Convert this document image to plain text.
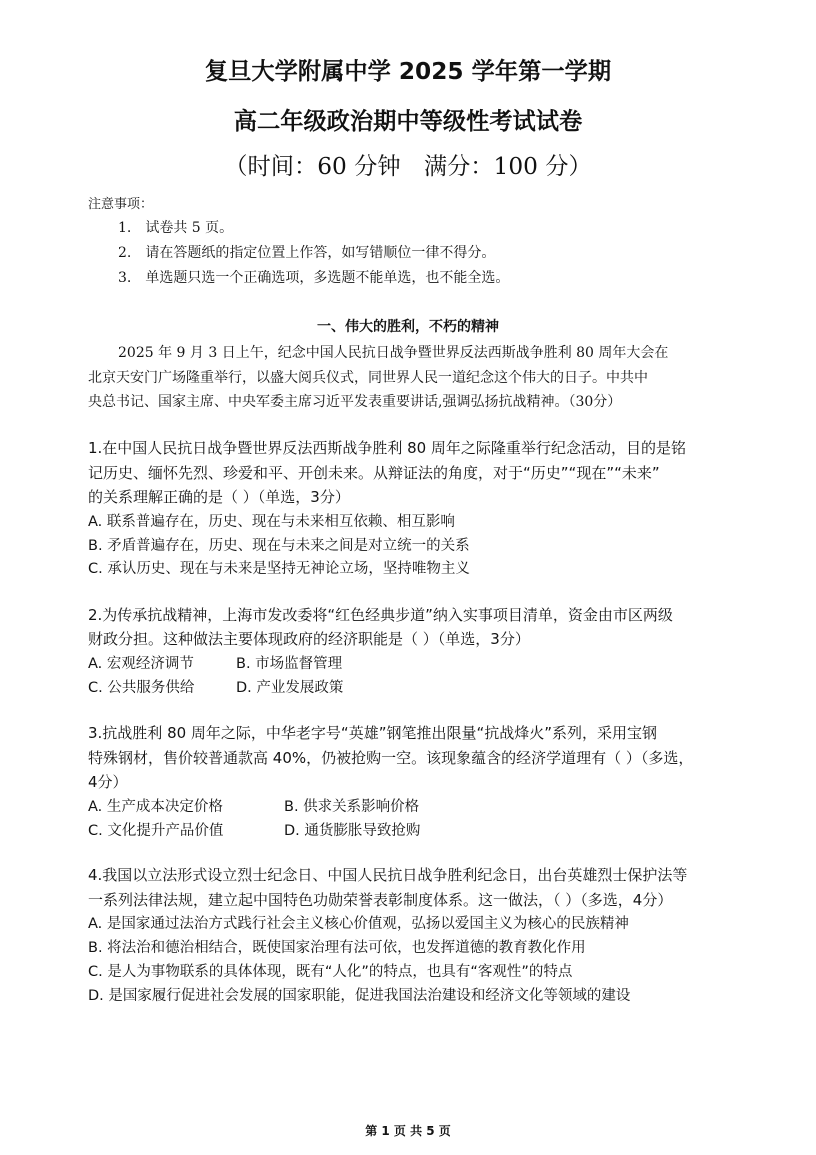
复旦大学附属中学 2025 学年第一学期
高二年级政治期中等级性考试试卷
（时间：60 分钟　满分：100 分）
注意事项：
1.　试卷共 5 页。
2.　请在答题纸的指定位置上作答，如写错顺位一律不得分。
3.　单选题只选一个正确选项，多选题不能单选，也不能全选。
一、伟大的胜利，不朽的精神
2025 年 9 月 3 日上午，纪念中国人民抗日战争暨世界反法西斯战争胜利 80 周年大会在
北京天安门广场隆重举行，以盛大阅兵仪式，同世界人民一道纪念这个伟大的日子。中共中
央总书记、国家主席、中央军委主席习近平发表重要讲话,强调弘扬抗战精神。（30分）
1.在中国人民抗日战争暨世界反法西斯战争胜利 80 周年之际隆重举行纪念活动，目的是铭
记历史、缅怀先烈、珍爱和平、开创未来。从辩证法的角度，对于“历史”“现在”“未来”
的关系理解正确的是（ ）（单选，3分）
A. 联系普遍存在，历史、现在与未来相互依赖、相互影响
B. 矛盾普遍存在，历史、现在与未来之间是对立统一的关系
C. 承认历史、现在与未来是坚持无神论立场，坚持唯物主义
2.为传承抗战精神，上海市发改委将“红色经典步道”纳入实事项目清单，资金由市区两级
财政分担。这种做法主要体现政府的经济职能是（ ）（单选，3分）
A. 宏观经济调节	B. 市场监督管理
C. 公共服务供给	D. 产业发展政策
3.抗战胜利 80 周年之际，中华老字号“英雄”钢笔推出限量“抗战烽火”系列，采用宝钢
特殊钢材，售价较普通款高 40%，仍被抢购一空。该现象蕴含的经济学道理有（ ）（多选，
4分）
A. 生产成本决定价格	B. 供求关系影响价格
C. 文化提升产品价值	D. 通货膨胀导致抢购
4.我国以立法形式设立烈士纪念日、中国人民抗日战争胜利纪念日，出台英雄烈士保护法等
一系列法律法规，建立起中国特色功勋荣誉表彰制度体系。这一做法，（ ）（多选，4分）
A. 是国家通过法治方式践行社会主义核心价值观，弘扬以爱国主义为核心的民族精神
B. 将法治和德治相结合，既使国家治理有法可依，也发挥道德的教育教化作用
C. 是人为事物联系的具体体现，既有“人化”的特点，也具有“客观性”的特点
D. 是国家履行促进社会发展的国家职能，促进我国法治建设和经济文化等领域的建设
第 1 页 共 5 页
